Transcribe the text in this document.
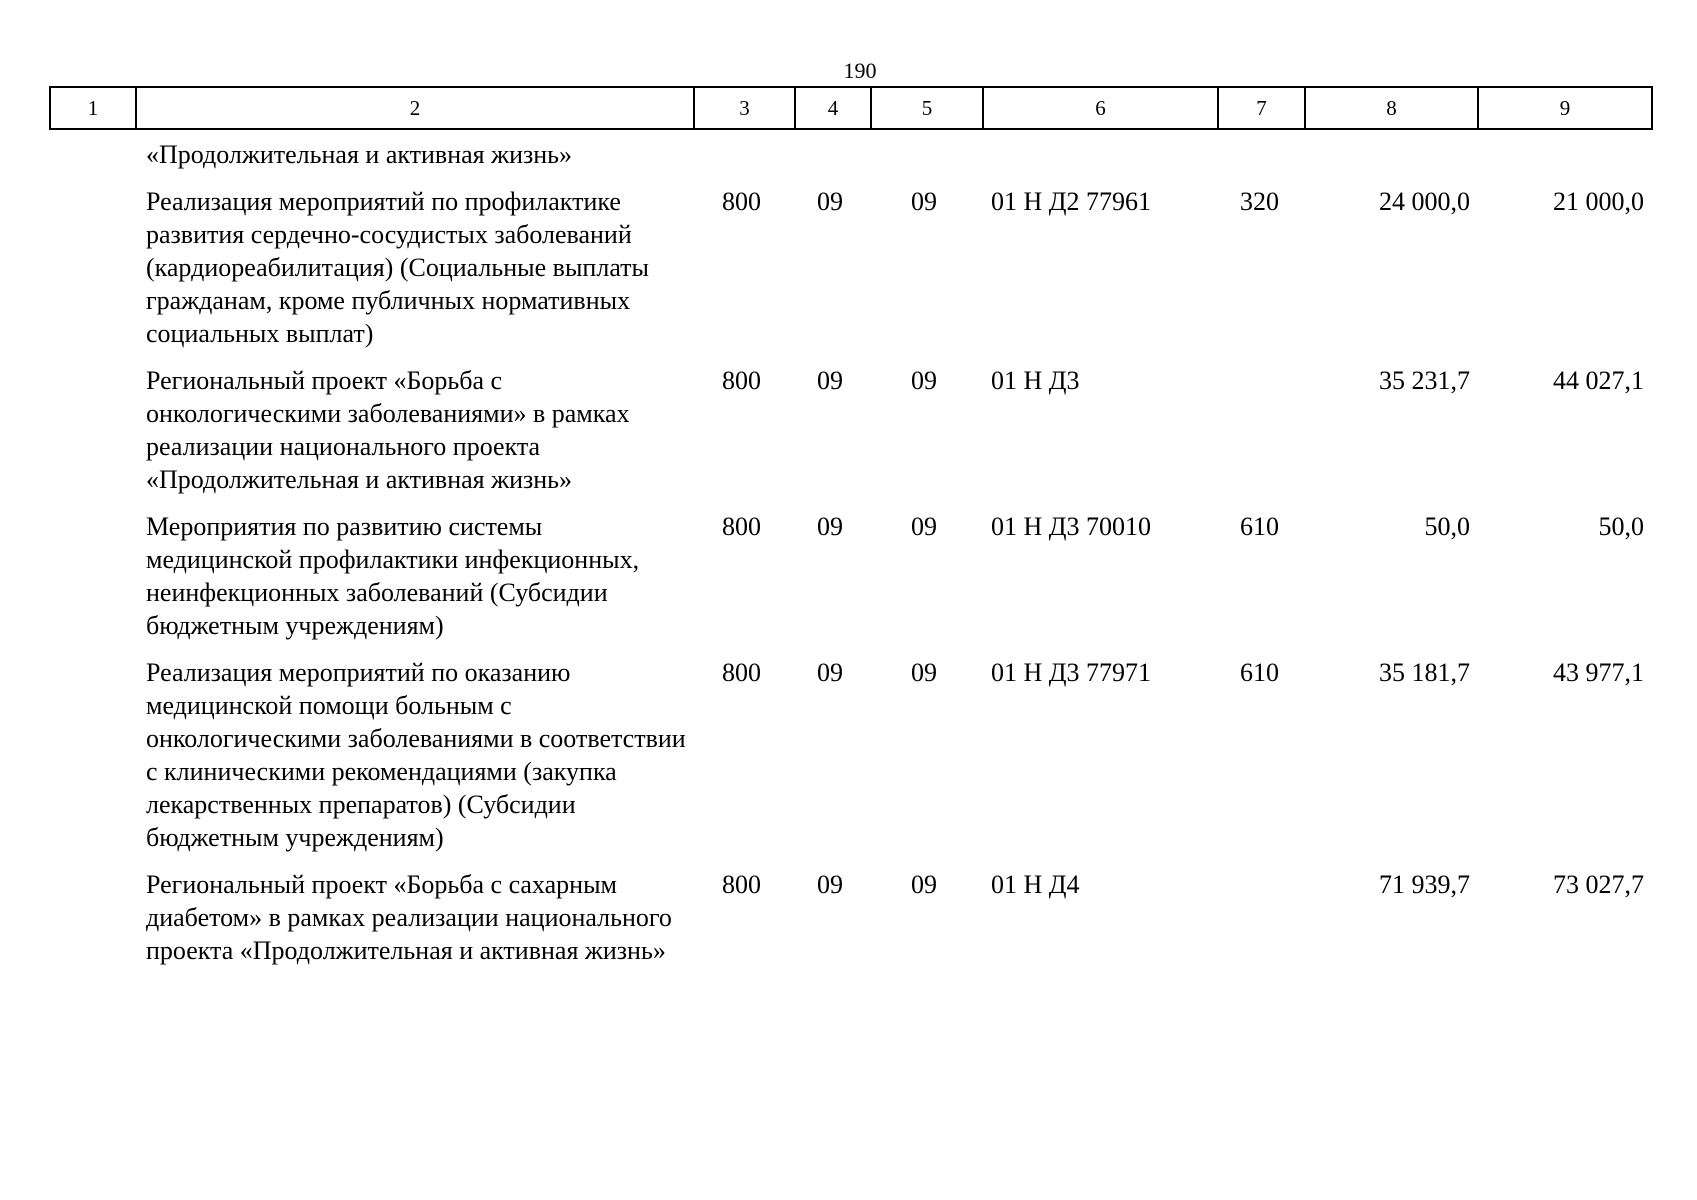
190
1	2	3	4	5	6	7	8	9
	«Продолжительная и активная жизнь»							
	Реализация мероприятий по профилактике развития сердечно-сосудистых заболеваний (кардиореабилитация) (Социальные выплаты гражданам, кроме публичных нормативных социальных выплат)	800	09	09	01 Н Д2 77961	320	24 000,0	21 000,0
	Региональный проект «Борьба с онкологическими заболеваниями» в рамках реализации национального проекта «Продолжительная и активная жизнь»	800	09	09	01 Н Д3		35 231,7	44 027,1
	Мероприятия по развитию системы медицинской профилактики инфекционных, неинфекционных заболеваний (Субсидии бюджетным учреждениям)	800	09	09	01 Н Д3 70010	610	50,0	50,0
	Реализация мероприятий по оказанию медицинской помощи больным с онкологическими заболеваниями в соответствии с клиническими рекомендациями (закупка лекарственных препаратов) (Субсидии бюджетным учреждениям)	800	09	09	01 Н Д3 77971	610	35 181,7	43 977,1
	Региональный проект «Борьба с сахарным диабетом» в рамках реализации национального проекта «Продолжительная и активная жизнь»	800	09	09	01 Н Д4		71 939,7	73 027,7
